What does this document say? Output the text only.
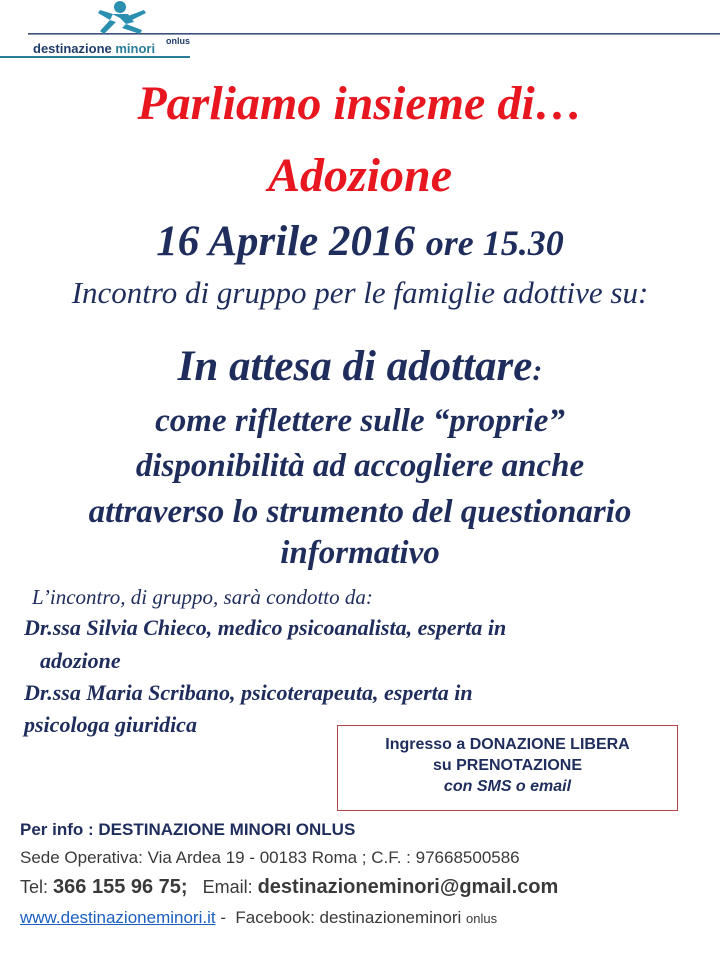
destinazione minori onlus
Parliamo insieme di…
Adozione
16 Aprile 2016 ore 15.30
Incontro di gruppo per le famiglie adottive su:
In attesa di adottare:
come riflettere sulle “proprie”
disponibilità ad accogliere anche
attraverso lo strumento del questionario
informativo
L’incontro, di gruppo, sarà condotto da:
Dr.ssa Silvia Chieco, medico psicoanalista, esperta in
adozione
Dr.ssa Maria Scribano, psicoterapeuta, esperta in
psicologa giuridica
Ingresso a DONAZIONE LIBERA
su PRENOTAZIONE
con SMS o email
Per info : DESTINAZIONE MINORI ONLUS
Sede Operativa: Via Ardea 19 - 00183 Roma ; C.F. : 97668500586
Tel: 366 155 96 75;   Email: destinazioneminori@gmail.com
www.destinazioneminori.it -  Facebook: destinazioneminori onlus
